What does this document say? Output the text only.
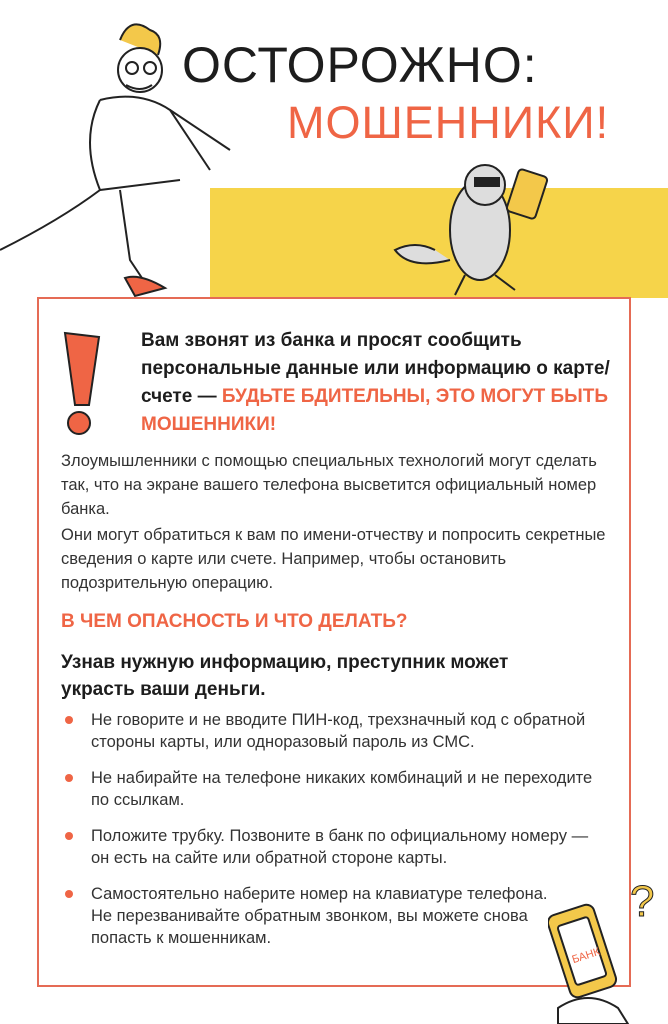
ОСТОРОЖНО:
МОШЕННИКИ!
Вам звонят из банка и просят сообщить персональные данные или информацию о карте/счете — БУДЬТЕ БДИТЕЛЬНЫ, ЭТО МОГУТ БЫТЬ МОШЕННИКИ!
Злоумышленники с помощью специальных технологий могут сделать так, что на экране вашего телефона высветится официальный номер банка.
Они могут обратиться к вам по имени-отчеству и попросить секретные сведения о карте или счете. Например, чтобы остановить подозрительную операцию.
В ЧЕМ ОПАСНОСТЬ И ЧТО ДЕЛАТЬ?
Узнав нужную информацию, преступник может украсть ваши деньги.
Не говорите и не вводите ПИН-код, трехзначный код с обратной стороны карты, или одноразовый пароль из СМС.
Не набирайте на телефоне никаких комбинаций и не переходите по ссылкам.
Положите трубку. Позвоните в банк по официальному номеру — он есть на сайте или обратной стороне карты.
Самостоятельно наберите номер на клавиатуре телефона. Не перезванивайте обратным звонком, вы можете снова попасть к мошенникам.
?
БАНК
